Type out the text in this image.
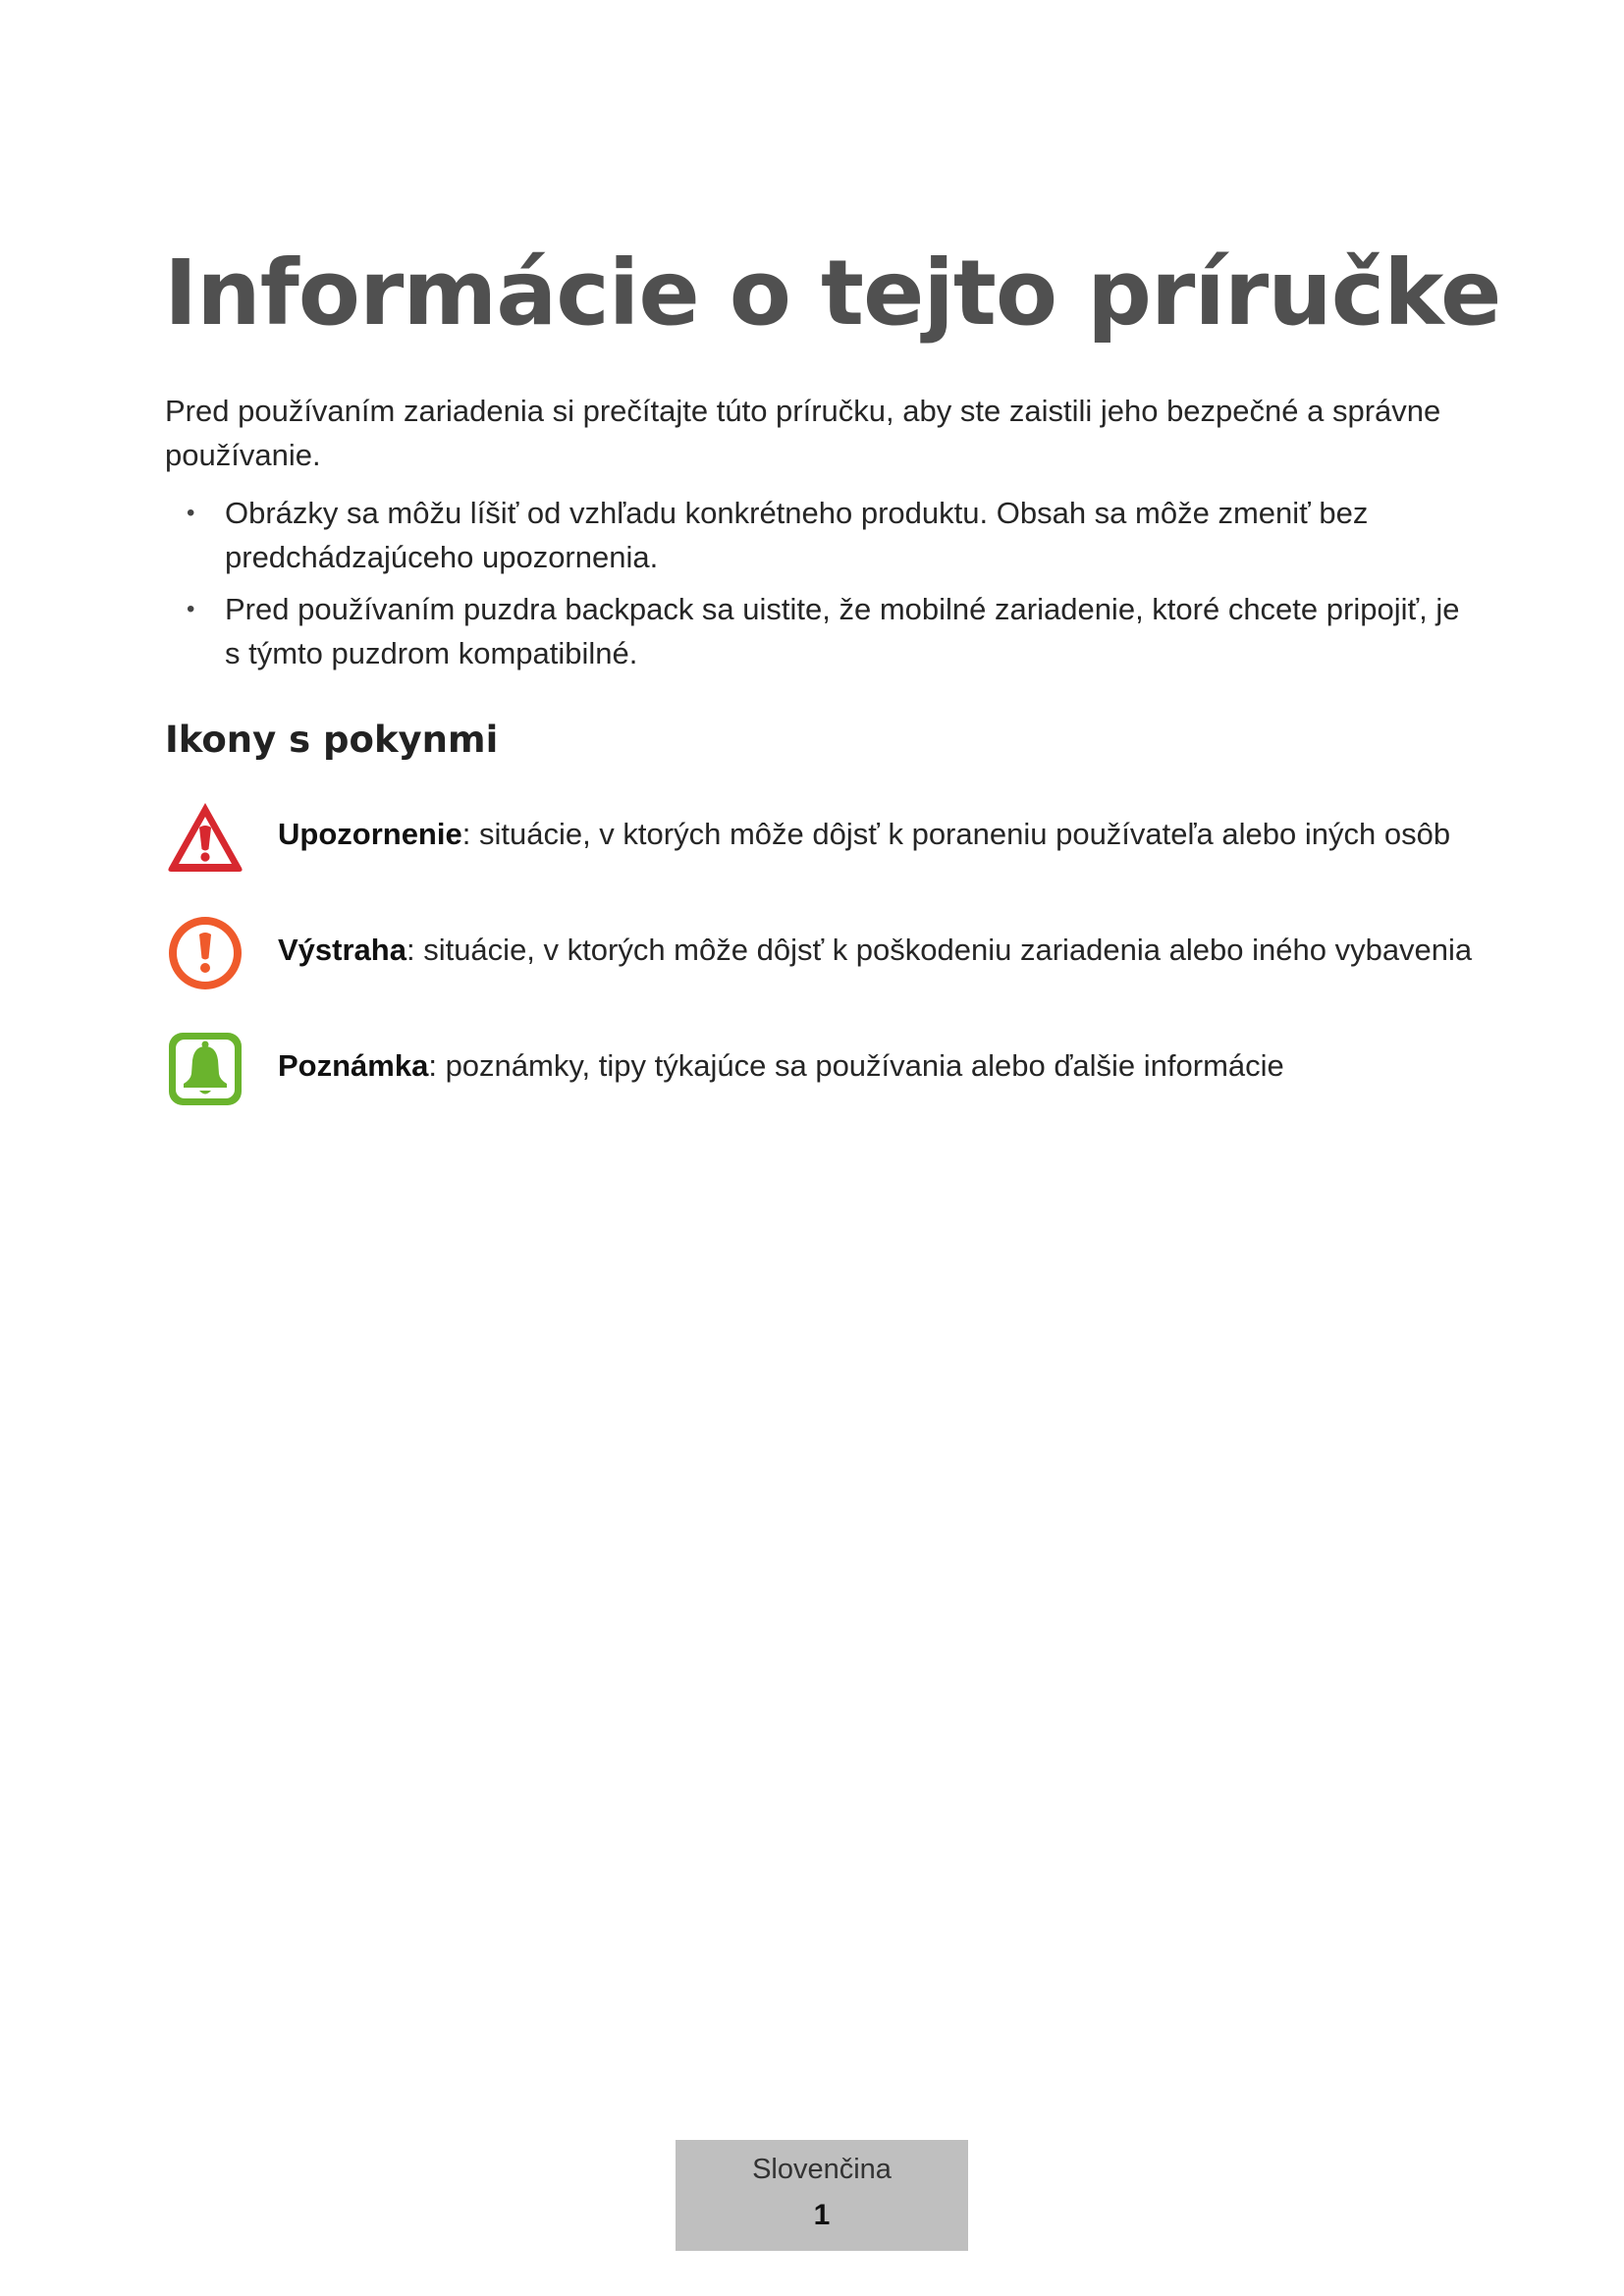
Informácie o tejto príručke

Pred používaním zariadenia si prečítajte túto príručku, aby ste zaistili jeho bezpečné a správne používanie.

• Obrázky sa môžu líšiť od vzhľadu konkrétneho produktu. Obsah sa môže zmeniť bez predchádzajúceho upozornenia.
• Pred používaním puzdra backpack sa uistite, že mobilné zariadenie, ktoré chcete pripojiť, je s týmto puzdrom kompatibilné.
Ikony s pokynmi
Upozornenie: situácie, v ktorých môže dôjsť k poraneniu používateľa alebo iných osôb
Výstraha: situácie, v ktorých môže dôjsť k poškodeniu zariadenia alebo iného vybavenia
Poznámka: poznámky, tipy týkajúce sa používania alebo ďalšie informácie
Slovenčina
1
